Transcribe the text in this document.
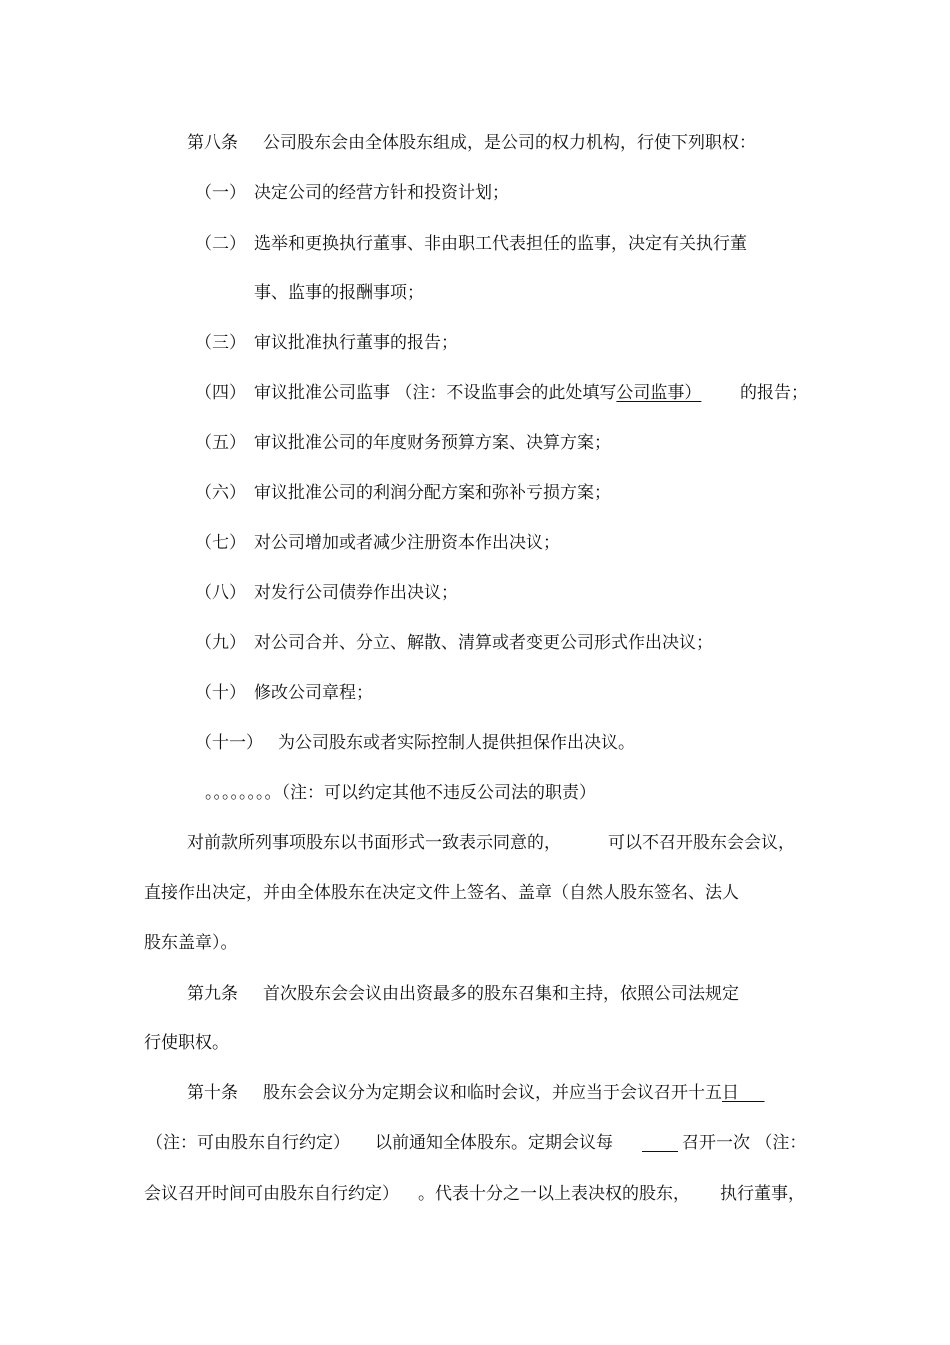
第八条 公司股东会由全体股东组成，是公司的权力机构，行使下列职权：
（一） 决定公司的经营方针和投资计划；
（二） 选举和更换执行董事、非由职工代表担任的监事，决定有关执行董
事、监事的报酬事项；
（三） 审议批准执行董事的报告；
（四） 审议批准公司监事 （注：不设监事会的此处填写公司监事） 的报告；
（五） 审议批准公司的年度财务预算方案、决算方案；
（六） 审议批准公司的利润分配方案和弥补亏损方案；
（七） 对公司增加或者减少注册资本作出决议；
（八） 对发行公司债券作出决议；
（九） 对公司合并、分立、解散、清算或者变更公司形式作出决议；
（十） 修改公司章程；
（十一） 为公司股东或者实际控制人提供担保作出决议。
。。。。。。。。（注：可以约定其他不违反公司法的职责）
对前款所列事项股东以书面形式一致表示同意的，	可以不召开股东会会议，
直接作出决定，并由全体股东在决定文件上签名、盖章（自然人股东签名、法人
股东盖章）。
第九条 首次股东会会议由出资最多的股东召集和主持，依照公司法规定
行使职权。
第十条 股东会会议分为定期会议和临时会议，并应当于会议召开十五日   
（注：可由股东自行约定） 以前通知全体股东。定期会议每	召开一次 （注：
会议召开时间可由股东自行约定） 。代表十分之一以上表决权的股东， 执行董事，
